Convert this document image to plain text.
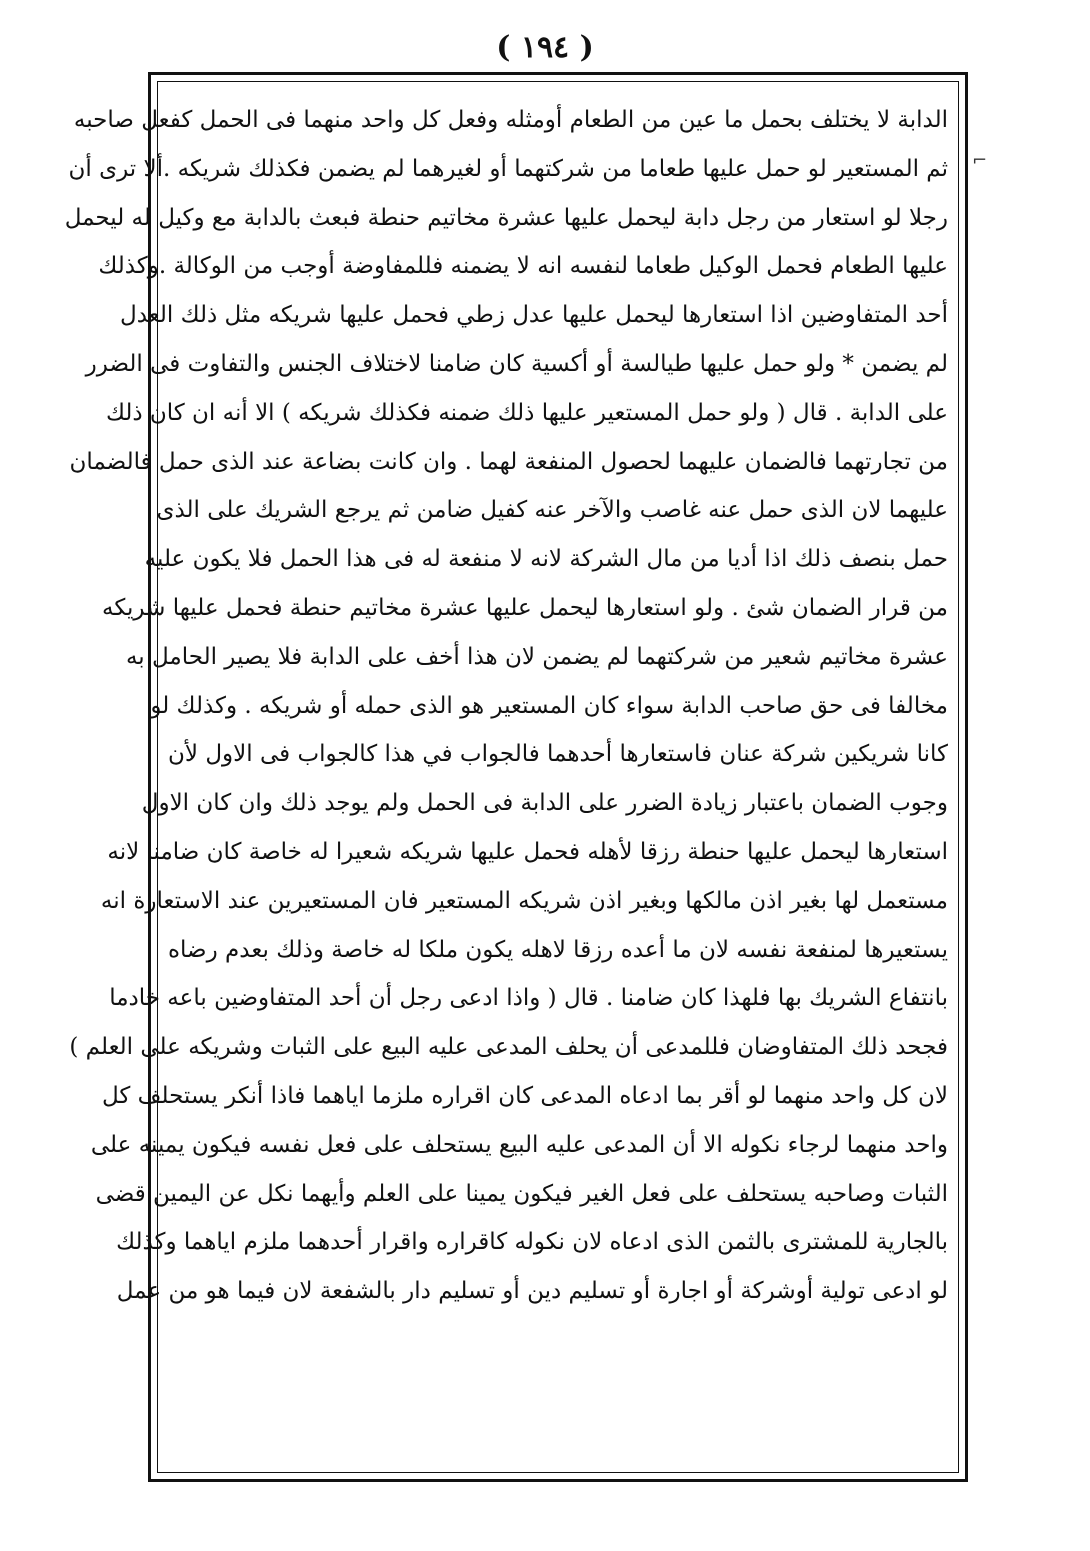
( ١٩٤ )
⌐
الدابة لا يختلف بحمل ما عين من الطعام أومثله وفعل كل واحد منهما فى الحمل كفعل صاحبه
ثم المستعير لو حمل عليها طعاما من شركتهما أو لغيرهما لم يضمن فكذلك شريكه .ألا ترى أن
رجلا لو استعار من رجل دابة ليحمل عليها عشرة مخاتيم حنطة فبعث بالدابة مع وكيل له ليحمل
عليها الطعام فحمل الوكيل طعاما لنفسه انه لا يضمنه فللمفاوضة أوجب من الوكالة .وكذلك
أحد المتفاوضين اذا استعارها ليحمل عليها عدل زطي فحمل عليها شريكه مثل ذلك العدل
لم يضمن * ولو حمل عليها طيالسة أو أكسية كان ضامنا لاختلاف الجنس والتفاوت فى الضرر
على الدابة . قال ( ولو حمل المستعير عليها ذلك ضمنه فكذلك شريكه ) الا أنه ان كان ذلك
من تجارتهما فالضمان عليهما لحصول المنفعة لهما . وان كانت بضاعة عند الذى حمل فالضمان
عليهما لان الذى حمل عنه غاصب والآخر عنه كفيل ضامن ثم يرجع الشريك على الذى
حمل بنصف ذلك اذا أديا من مال الشركة لانه لا منفعة له فى هذا الحمل فلا يكون عليه
من قرار الضمان شئ . ولو استعارها ليحمل عليها عشرة مخاتيم حنطة فحمل عليها شريكه
عشرة مخاتيم شعير من شركتهما لم يضمن لان هذا أخف على الدابة فلا يصير الحامل به
مخالفا فى حق صاحب الدابة سواء كان المستعير هو الذى حمله أو شريكه . وكذلك لو
كانا شريكين شركة عنان فاستعارها أحدهما فالجواب في هذا كالجواب فى الاول لأن
وجوب الضمان باعتبار زيادة الضرر على الدابة فى الحمل ولم يوجد ذلك وان كان الاول
استعارها ليحمل عليها حنطة رزقا لأهله فحمل عليها شريكه شعيرا له خاصة كان ضامنا لانه
مستعمل لها بغير اذن مالكها وبغير اذن شريكه المستعير فان المستعيرين عند الاستعارة انه
يستعيرها لمنفعة نفسه لان ما أعده رزقا لاهله يكون ملكا له خاصة وذلك بعدم رضاه
بانتفاع الشريك بها فلهذا كان ضامنا . قال ( واذا ادعى رجل أن أحد المتفاوضين باعه خادما
فجحد ذلك المتفاوضان فللمدعى أن يحلف المدعى عليه البيع على الثبات وشريكه على العلم )
لان كل واحد منهما لو أقر بما ادعاه المدعى كان اقراره ملزما اياهما فاذا أنكر يستحلف كل
واحد منهما لرجاء نكوله الا أن المدعى عليه البيع يستحلف على فعل نفسه فيكون يمينه على
الثبات وصاحبه يستحلف على فعل الغير فيكون يمينا على العلم وأيهما نكل عن اليمين قضى
بالجارية للمشترى بالثمن الذى ادعاه لان نكوله كاقراره واقرار أحدهما ملزم اياهما وكذلك
لو ادعى تولية أوشركة أو اجارة أو تسليم دين أو تسليم دار بالشفعة لان فيما هو من عمل
